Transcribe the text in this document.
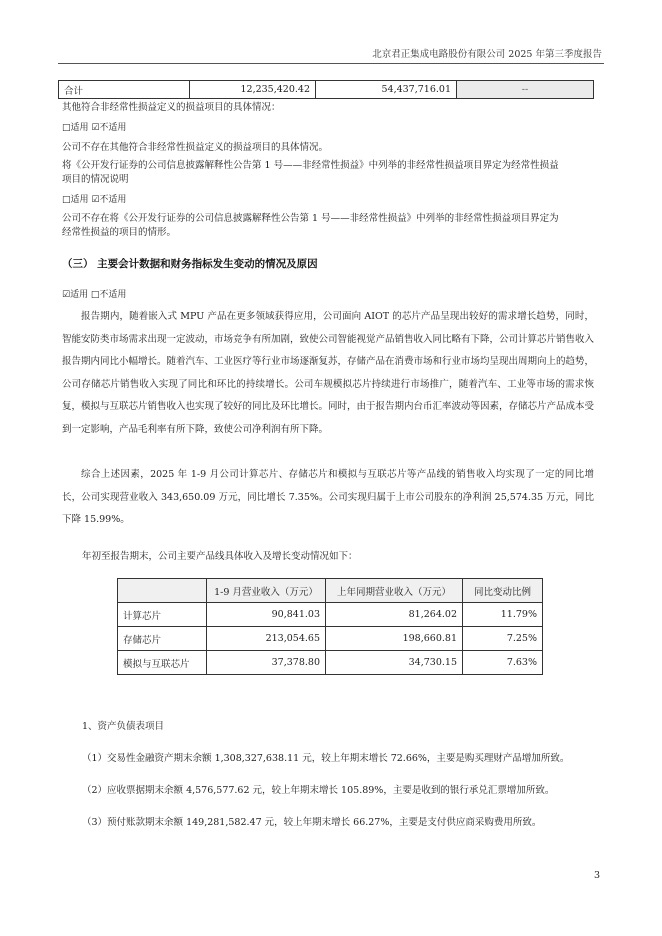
北京君正集成电路股份有限公司 2025 年第三季度报告
合计	12,235,420.42	54,437,716.01	--
其他符合非经常性损益定义的损益项目的具体情况：
□适用 ☑不适用
公司不存在其他符合非经常性损益定义的损益项目的具体情况。
将《公开发行证券的公司信息披露解释性公告第 1 号——非经常性损益》中列举的非经常性损益项目界定为经常性损益
项目的情况说明
□适用 ☑不适用
公司不存在将《公开发行证券的公司信息披露解释性公告第 1 号——非经常性损益》中列举的非经常性损益项目界定为
经常性损益的项目的情形。
（三） 主要会计数据和财务指标发生变动的情况及原因
☑适用 □不适用
报告期内，随着嵌入式 MPU 产品在更多领域获得应用，公司面向 AIOT 的芯片产品呈现出较好的需求增长趋势，同时，智能安防类市场需求出现一定波动，市场竞争有所加剧，致使公司智能视觉产品销售收入同比略有下降，公司计算芯片销售收入报告期内同比小幅增长。随着汽车、工业医疗等行业市场逐渐复苏，存储产品在消费市场和行业市场均呈现出周期向上的趋势，公司存储芯片销售收入实现了同比和环比的持续增长。公司车规模拟芯片持续进行市场推广，随着汽车、工业等市场的需求恢复，模拟与互联芯片销售收入也实现了较好的同比及环比增长。同时，由于报告期内台币汇率波动等因素，存储芯片产品成本受到一定影响，产品毛利率有所下降，致使公司净利润有所下降。
综合上述因素，2025 年 1-9 月公司计算芯片、存储芯片和模拟与互联芯片等产品线的销售收入均实现了一定的同比增长，公司实现营业收入 343,650.09 万元，同比增长 7.35%。公司实现归属于上市公司股东的净利润 25,574.35 万元，同比下降 15.99%。
年初至报告期末，公司主要产品线具体收入及增长变动情况如下：
	1-9 月营业收入（万元）	上年同期营业收入（万元）	同比变动比例
计算芯片	90,841.03	81,264.02	11.79%
存储芯片	213,054.65	198,660.81	7.25%
模拟与互联芯片	37,378.80	34,730.15	7.63%
1、资产负债表项目
（1）交易性金融资产期末余额 1,308,327,638.11 元，较上年期末增长 72.66%，主要是购买理财产品增加所致。
（2）应收票据期末余额 4,576,577.62 元，较上年期末增长 105.89%，主要是收到的银行承兑汇票增加所致。
（3）预付账款期末余额 149,281,582.47 元，较上年期末增长 66.27%，主要是支付供应商采购费用所致。
3
